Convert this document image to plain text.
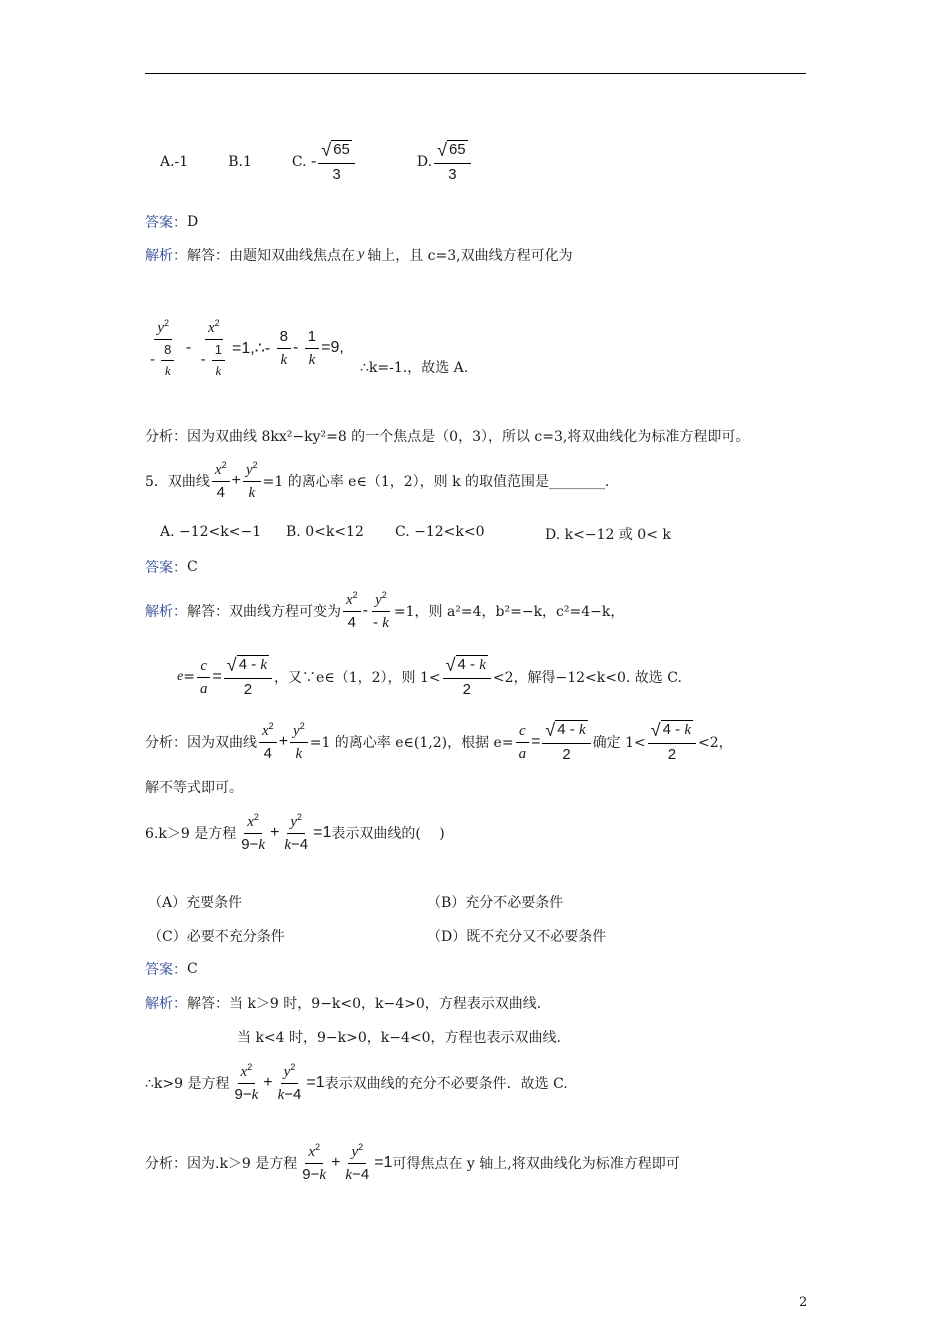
A.-1	B.1	C. - $\frac{√ 65}{3}$	D. $\frac{√ 65}{3}$
答案： D
解析： 解答：由题知双曲线焦点在 y 轴上，且 c=3,双曲线方程可化为
$\frac{y^2}{- \frac{8}{k}} - \frac{x^2}{- \frac{1}{k}}$ =1,∴- $\frac{8}{k} - \frac{1}{k} =9$,
∴k=-1.，故选 A.
分析：因为双曲线 8kx²−ky²=8 的一个焦点是（0，3），所以 c=3,将双曲线化为标准方程即可。
5．双曲线 $\frac{x^2}{4} + \frac{y^2}{k} =1$ 的离心率 e∈（1，2），则 k 的取值范围是________.
A. −12<k<−1 B. 0<k<12 C. −12<k<0	D. k<−12 或 0< k
答案： C
解析： 解答：双曲线方程可变为 $\frac{x^2}{4} - \frac{y^2}{- k} =1$，则 a²=4，b²=−k，c²=4−k，
$e = \frac{c}{a} = \frac{√ 4 - k}{2}$ ，又∵e∈（1，2），则 $1< \frac{√ 4 - k}{2} <2$，解得−12<k<0. 故选 C.
分析：因为双曲线 $\frac{x^2}{4} + \frac{y^2}{k} =1$ 的离心率 e∈(1,2)，根据 $e= \frac{c}{a} = \frac{√ 4 - k}{2}$ 确定 $1< \frac{√ 4 - k}{2} <2$，
解不等式即可。
6.k＞9 是方程 $\frac{x^2}{9-k} + \frac{y^2}{k-4} =1$ 表示双曲线的(　 )
（A）充要条件	（B）充分不必要条件
（C）必要不充分条件	（D）既不充分又不必要条件
答案： C
解析： 解答：当 k＞9 时，9−k<0，k−4>0，方程表示双曲线.
当 k<4 时，9−k>0，k−4<0，方程也表示双曲线.
∴k>9 是方程 $\frac{x^2}{9-k} + \frac{y^2}{k-4} =1$ 表示双曲线的充分不必要条件．故选 C.
分析：因为.k＞9 是方程 $\frac{x^2}{9-k} + \frac{y^2}{k-4} =1$ 可得焦点在 y 轴上,将双曲线化为标准方程即可
2
